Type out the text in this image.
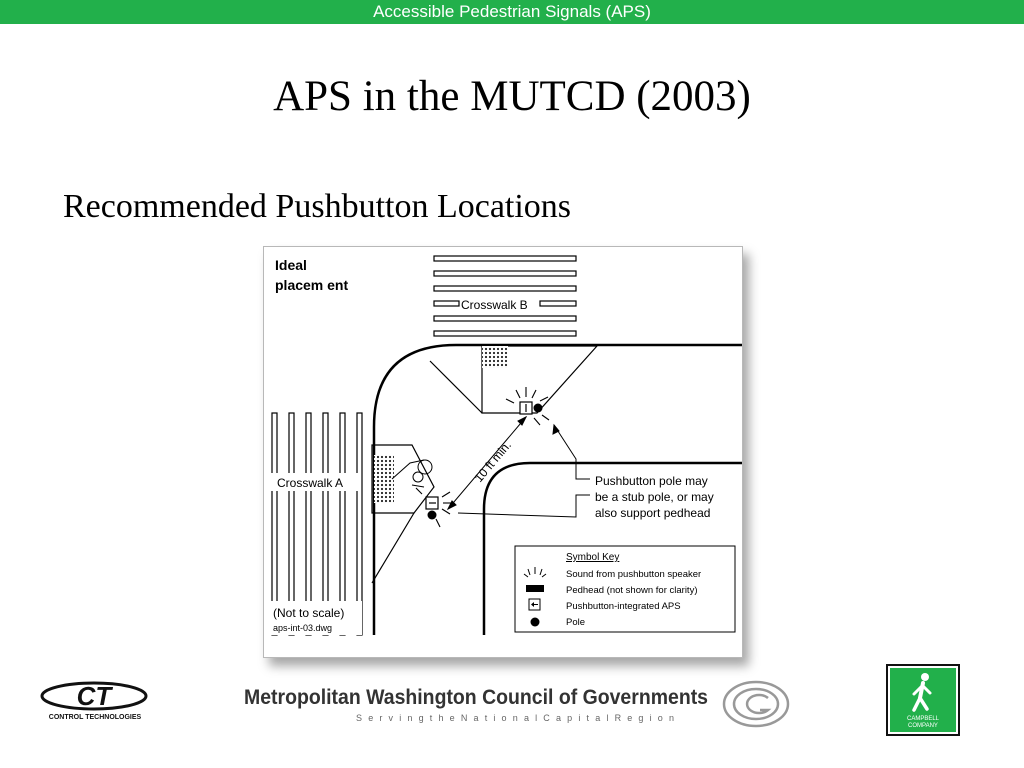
Accessible Pedestrian Signals (APS)
APS in the MUTCD (2003)
Recommended Pushbutton Locations
Ideal
placem ent
Crosswalk B
Crosswalk A	10 ft min.	Pushbutton pole may
be a stub pole, or may
also support pedhead
Symbol Key
Sound from pushbutton speaker
Pedhead (not shown for clarity)
Pushbutton-integrated APS
Pole
(Not to scale)
aps-int-03.dwg
CT
CONTROL TECHNOLOGIES
Metropolitan Washington Council of Governments
S e r v i n g t h e N a t i o n a l C a p i t a l R e g i o n	CAMPBELL
COMPANY
